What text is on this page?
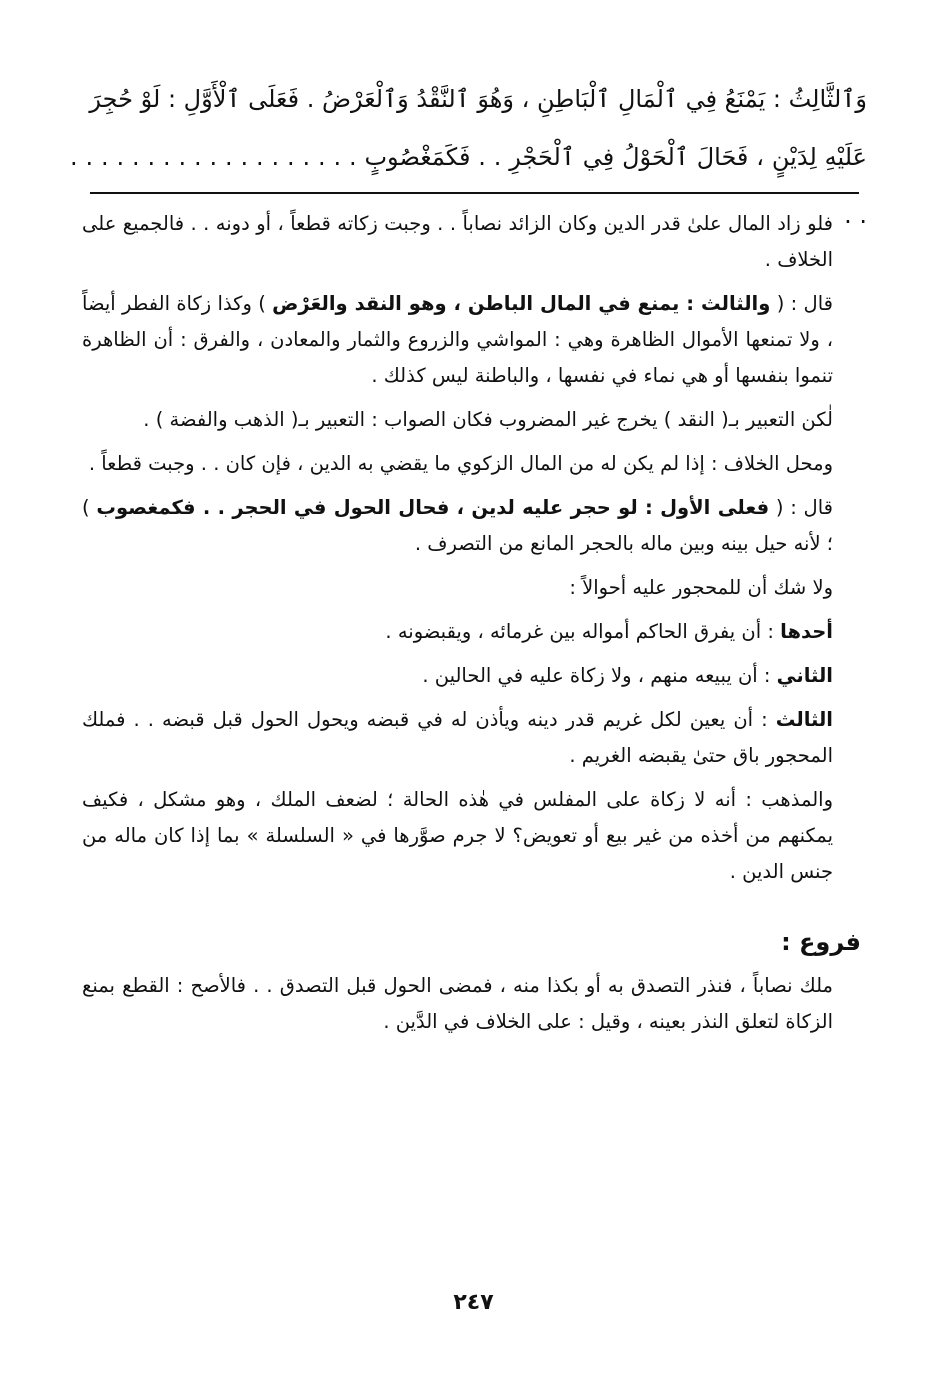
وَٱلثَّالِثُ : يَمْنَعُ فِي ٱلْمَالِ ٱلْبَاطِنِ ، وَهُوَ ٱلنَّقْدُ وَٱلْعَرْضُ . فَعَلَى ٱلْأَوَّلِ : لَوْ حُجِرَ
عَلَيْهِ لِدَيْنٍ ، فَحَالَ ٱلْحَوْلُ فِي ٱلْحَجْرِ . . فَكَمَغْصُوبٍ . . . . . . . . . . . . . . . . . . . . .

فلو زاد المال علىٰ قدر الدين وكان الزائد نصاباً . . وجبت زكاته قطعاً ، أو دونه . . فالجميع على الخلاف .

قال : ( والثالث : يمنع في المال الباطن ، وهو النقد والعَرْض ) وكذا زكاة الفطر أيضاً ، ولا تمنعها الأموال الظاهرة وهي : المواشي والزروع والثمار والمعادن ، والفرق : أن الظاهرة تنموا بنفسها أو هي نماء في نفسها ، والباطنة ليس كذلك .

لٰكن التعبير بـ( النقد ) يخرج غير المضروب فكان الصواب : التعبير بـ( الذهب والفضة ) .

ومحل الخلاف : إذا لم يكن له من المال الزكوي ما يقضي به الدين ، فإن كان . . وجبت قطعاً .

قال : ( فعلى الأول : لو حجر عليه لدين ، فحال الحول في الحجر . . فكمغصوب ) ؛ لأنه حيل بينه وبين ماله بالحجر المانع من التصرف .

ولا شك أن للمحجور عليه أحوالاً :

أحدها : أن يفرق الحاكم أمواله بين غرمائه ، ويقبضونه .

الثاني : أن يبيعه منهم ، ولا زكاة عليه في الحالين .

الثالث : أن يعين لكل غريم قدر دينه ويأذن له في قبضه ويحول الحول قبل قبضه . . فملك المحجور باق حتىٰ يقبضه الغريم .

والمذهب : أنه لا زكاة على المفلس في هٰذه الحالة ؛ لضعف الملك ، وهو مشكل ، فكيف يمكنهم من أخذه من غير بيع أو تعويض؟ لا جرم صوَّرها في « السلسلة » بما إذا كان ماله من جنس الدين .

فروع :

ملك نصاباً ، فنذر التصدق به أو بكذا منه ، فمضى الحول قبل التصدق . . فالأصح : القطع بمنع الزكاة لتعلق النذر بعينه ، وقيل : على الخلاف في الدَّين .

٢٤٧
